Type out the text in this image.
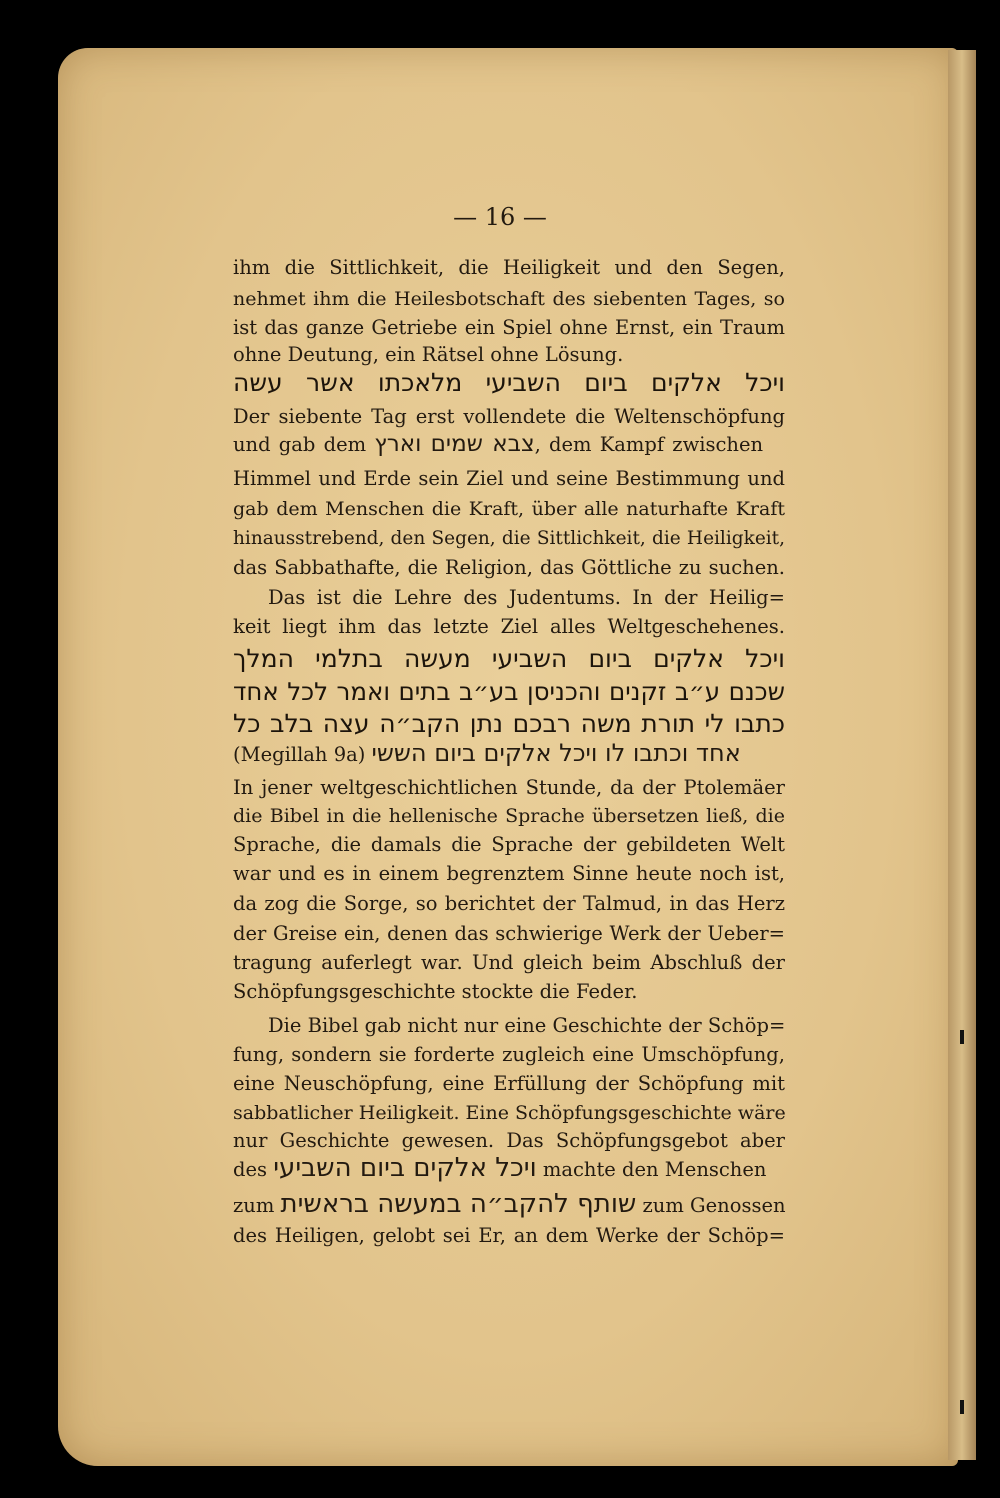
— 16 —
ihm die Sittlichkeit, die Heiligkeit und den Segen,
nehmet ihm die Heilesbotschaft des siebenten Tages, so
ist das ganze Getriebe ein Spiel ohne Ernst, ein Traum
ohne Deutung, ein Rätsel ohne Lösung.
ויכל אלקים ביום השביעי מלאכתו אשר עשה
Der siebente Tag erst vollendete die Weltenschöpfung
und gab dem צבא שמים וארץ, dem Kampf zwischen
Himmel und Erde sein Ziel und seine Bestimmung und
gab dem Menschen die Kraft, über alle naturhafte Kraft
hinausstrebend, den Segen, die Sittlichkeit, die Heiligkeit,
das Sabbathafte, die Religion, das Göttliche zu suchen.
Das ist die Lehre des Judentums. In der Heilig=
keit liegt ihm das letzte Ziel alles Weltgeschehenes.
ויכל אלקים ביום השביעי מעשה בתלמי המלך
שכנם ע״ב זקנים והכניסן בע״ב בתים ואמר לכל אחד
כתבו לי תורת משה רבכם נתן הקב״ה עצה בלב כל
(Megillah 9a) אחד וכתבו לו ויכל אלקים ביום הששי
In jener weltgeschichtlichen Stunde, da der Ptolemäer
die Bibel in die hellenische Sprache übersetzen ließ, die
Sprache, die damals die Sprache der gebildeten Welt
war und es in einem begrenztem Sinne heute noch ist,
da zog die Sorge, so berichtet der Talmud, in das Herz
der Greise ein, denen das schwierige Werk der Ueber=
tragung auferlegt war. Und gleich beim Abschluß der
Schöpfungsgeschichte stockte die Feder.
Die Bibel gab nicht nur eine Geschichte der Schöp=
fung, sondern sie forderte zugleich eine Umschöpfung,
eine Neuschöpfung, eine Erfüllung der Schöpfung mit
sabbatlicher Heiligkeit. Eine Schöpfungsgeschichte wäre
nur Geschichte gewesen. Das Schöpfungsgebot aber
des ויכל אלקים ביום השביעי machte den Menschen
zum שותף להקב״ה במעשה בראשית zum Genossen
des Heiligen, gelobt sei Er, an dem Werke der Schöp=
